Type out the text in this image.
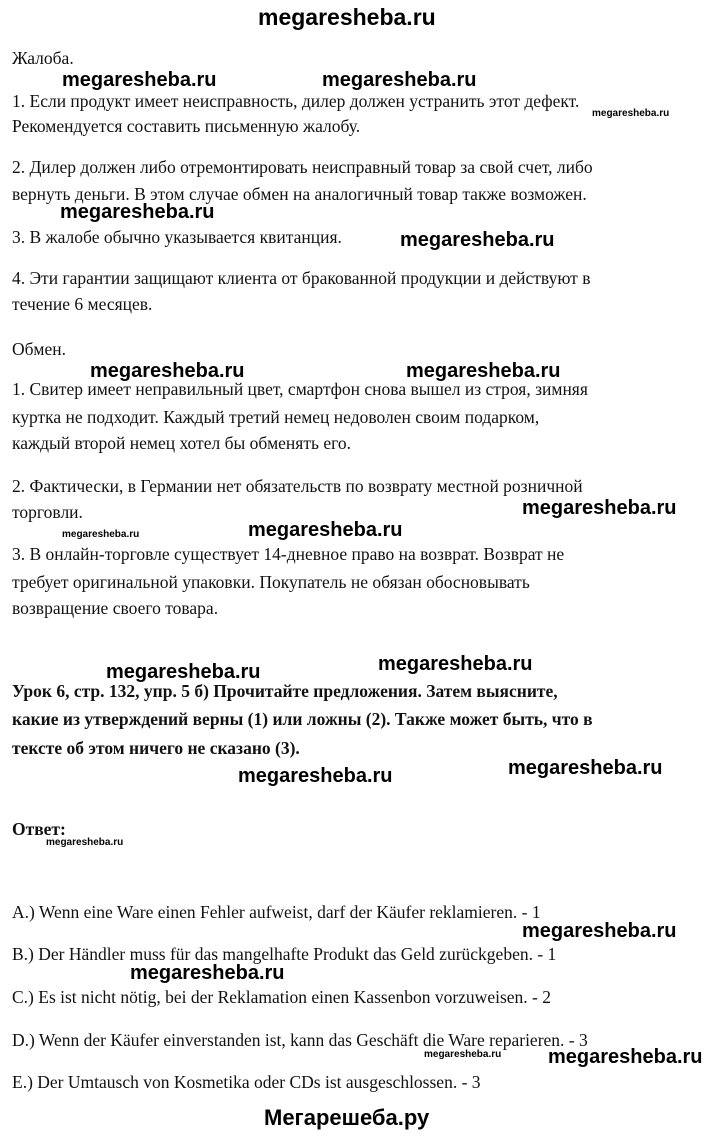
megaresheba.ru
Жалоба.
1. Если продукт имеет неисправность, дилер должен устранить этот дефект.
Рекомендуется составить письменную жалобу.
2. Дилер должен либо отремонтировать неисправный товар за свой счет, либо
вернуть деньги. В этом случае обмен на аналогичный товар также возможен.
3. В жалобе обычно указывается квитанция.
4. Эти гарантии защищают клиента от бракованной продукции и действуют в
течение 6 месяцев.
Обмен.
1. Свитер имеет неправильный цвет, смартфон снова вышел из строя, зимняя
куртка не подходит. Каждый третий немец недоволен своим подарком,
каждый второй немец хотел бы обменять его.
2. Фактически, в Германии нет обязательств по возврату местной розничной
торговли.
3. В онлайн-торговле существует 14-дневное право на возврат. Возврат не
требует оригинальной упаковки. Покупатель не обязан обосновывать
возвращение своего товара.
Урок 6, стр. 132, упр. 5 б) Прочитайте предложения. Затем выясните,
какие из утверждений верны (1) или ложны (2). Также может быть, что в
тексте об этом ничего не сказано (3).
Ответ:
A.) Wenn eine Ware einen Fehler aufweist, darf der Käufer reklamieren. - 1
B.) Der Händler muss für das mangelhafte Produkt das Geld zurückgeben. - 1
C.) Es ist nicht nötig, bei der Reklamation einen Kassenbon vorzuweisen. - 2
D.) Wenn der Käufer einverstanden ist, kann das Geschäft die Ware reparieren. - 3
E.) Der Umtausch von Kosmetika oder CDs ist ausgeschlossen. - 3
megaresheba.ru	megaresheba.ru
megaresheba.ru
megaresheba.ru
megaresheba.ru
megaresheba.ru	megaresheba.ru
megaresheba.ru
megaresheba.ru	megaresheba.ru
megaresheba.ru	megaresheba.ru
megaresheba.ru	megaresheba.ru
megaresheba.ru
megaresheba.ru
megaresheba.ru
megaresheba.ru megaresheba.ru
Мегарешеба.ру
